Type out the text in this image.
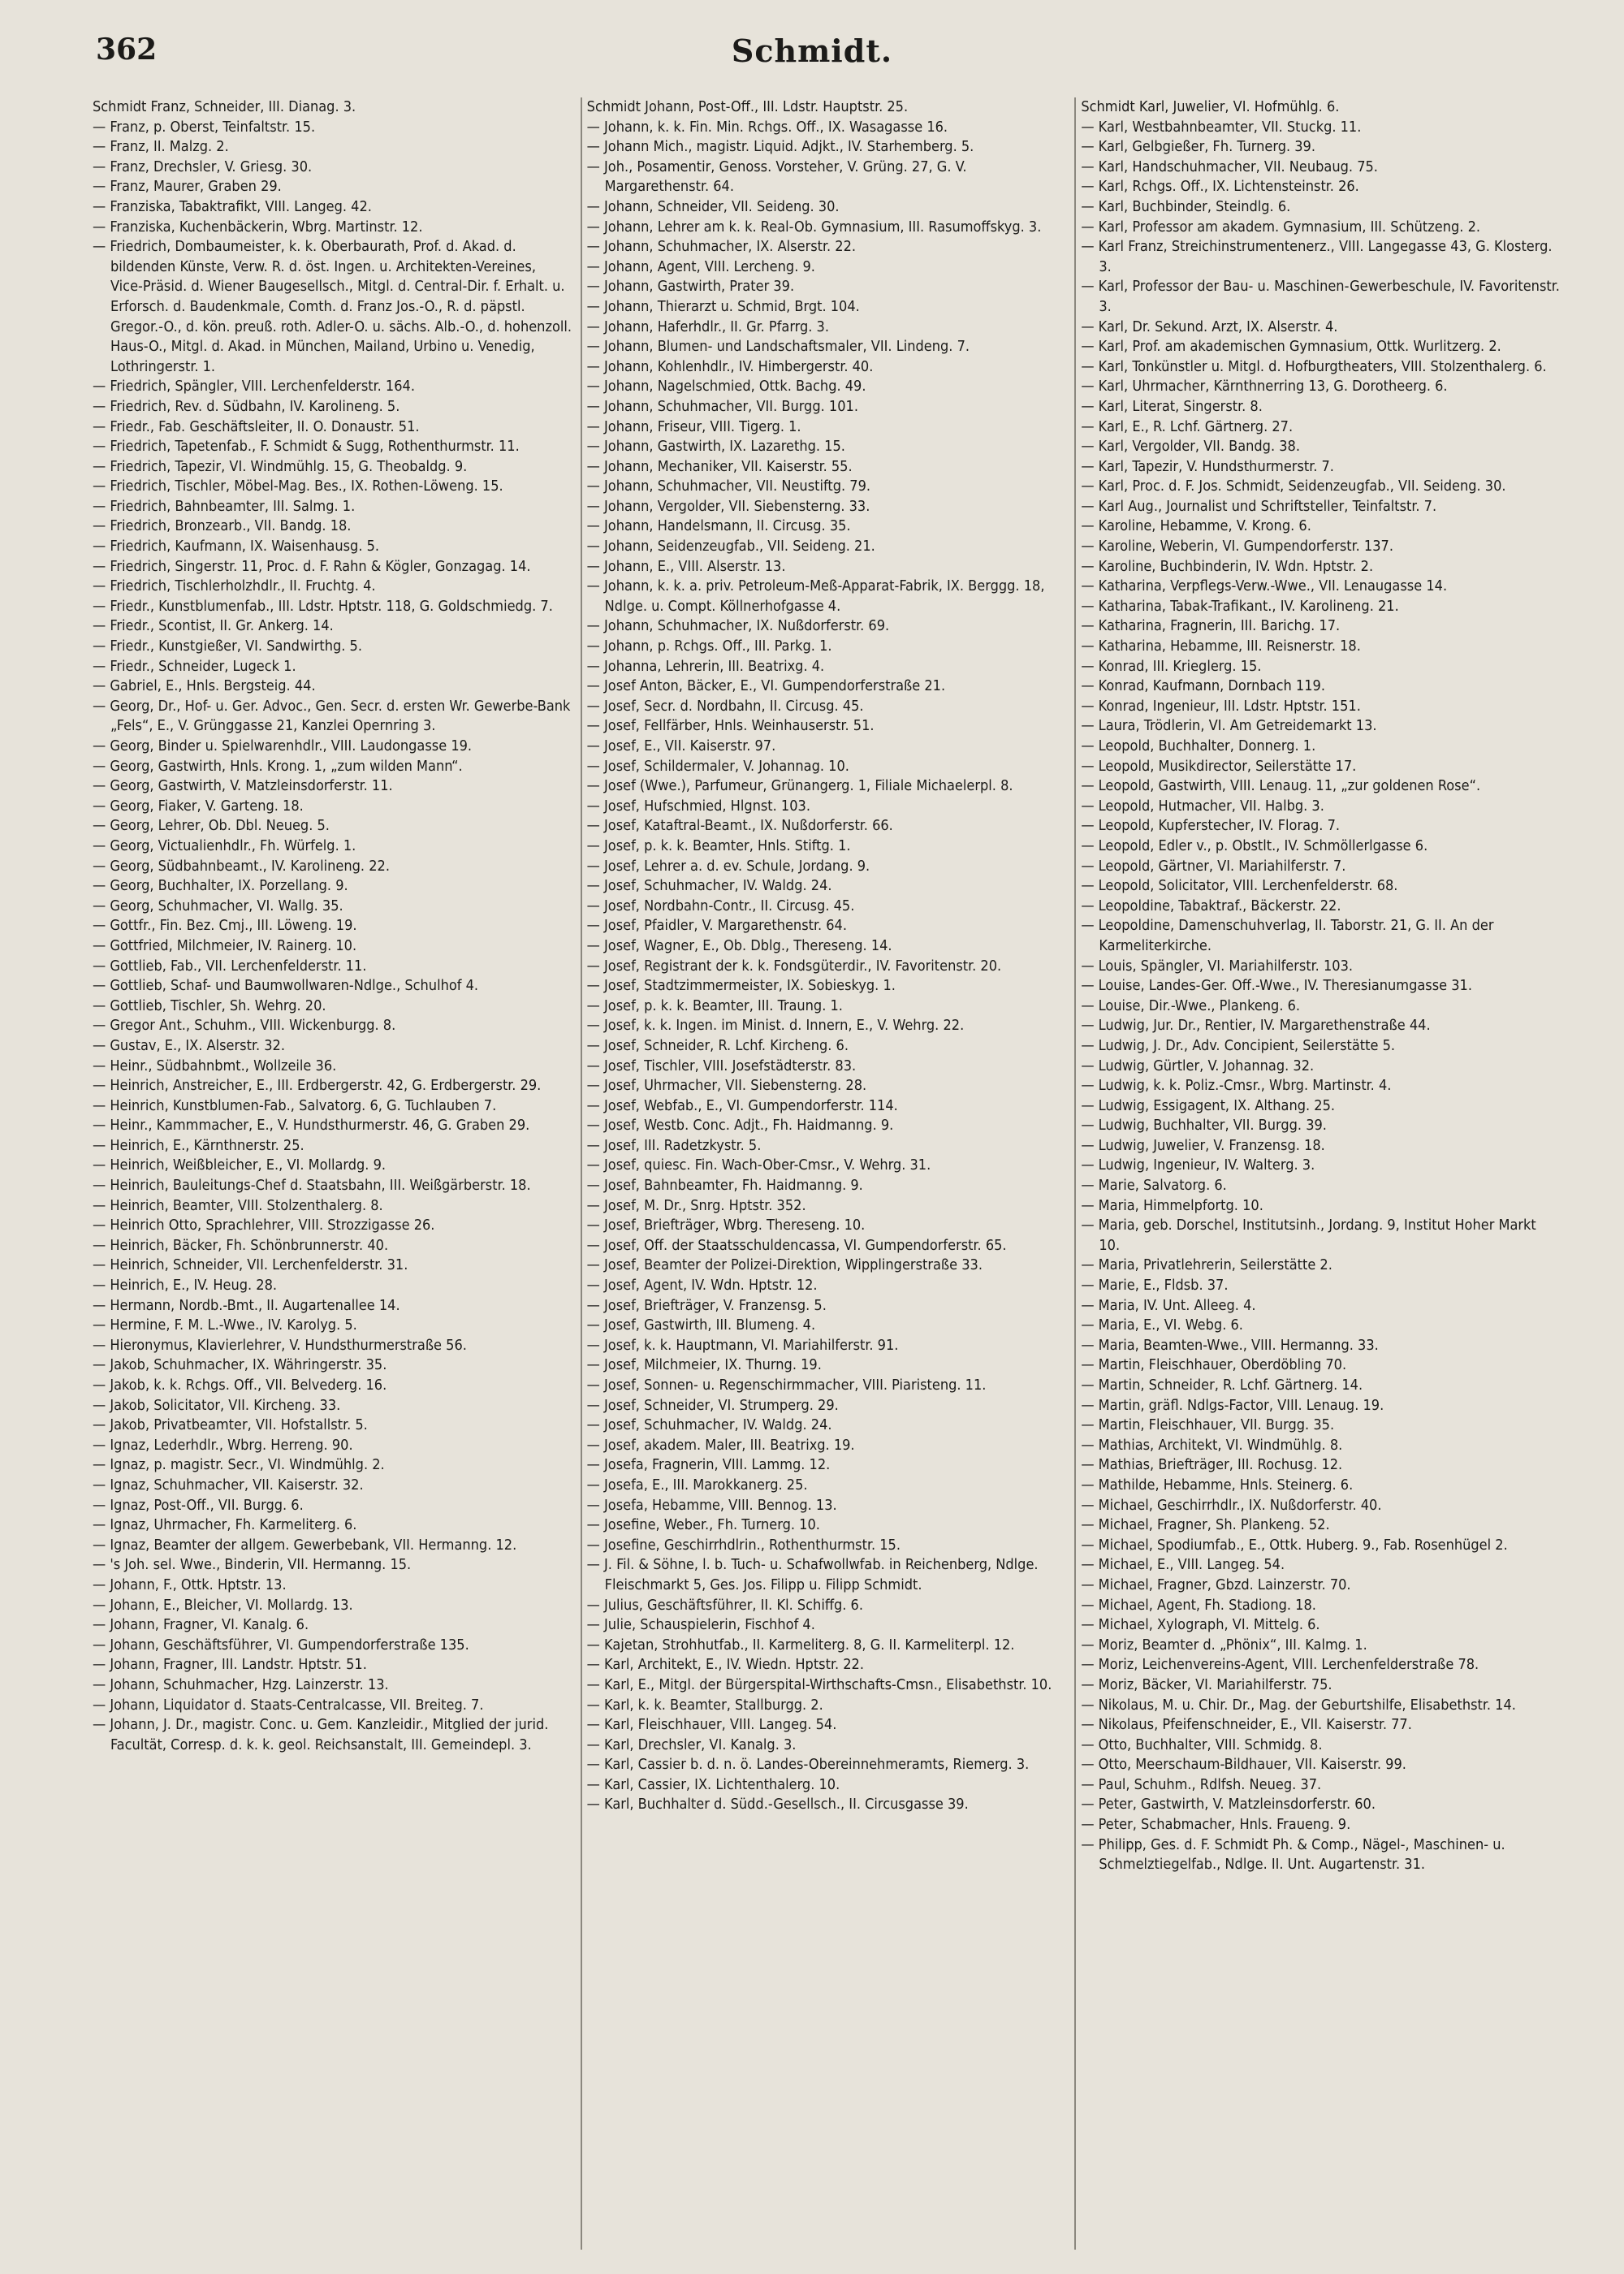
362	Schmidt.
Schmidt Franz, Schneider, III. Dianag. 3.
— Franz, p. Oberst, Teinfaltstr. 15.
— Franz, II. Malzg. 2.
— Franz, Drechsler, V. Griesg. 30.
— Franz, Maurer, Graben 29.
— Franziska, Tabaktrafikt, VIII. Langeg. 42.
— Franziska, Kuchenbäckerin, Wbrg. Martinstr. 12.
— Friedrich, Dombaumeister, k. k. Oberbaurath, Prof. d. Akad. d. bildenden Künste, Verw. R. d. öst. Ingen. u. Architekten-Vereines, Vice-Präsid. d. Wiener Baugesellsch., Mitgl. d. Central-Dir. f. Erhalt. u. Erforsch. d. Baudenkmale, Comth. d. Franz Jos.-O., R. d. päpstl. Gregor.-O., d. kön. preuß. roth. Adler-O. u. sächs. Alb.-O., d. hohenzoll. Haus-O., Mitgl. d. Akad. in München, Mailand, Urbino u. Venedig, Lothringerstr. 1.
— Friedrich, Spängler, VIII. Lerchenfelderstr. 164.
— Friedrich, Rev. d. Südbahn, IV. Karolineng. 5.
— Friedr., Fab. Geschäftsleiter, II. O. Donaustr. 51.
— Friedrich, Tapetenfab., F. Schmidt & Sugg, Rothenthurmstr. 11.
— Friedrich, Tapezir, VI. Windmühlg. 15, G. Theobaldg. 9.
— Friedrich, Tischler, Möbel-Mag. Bes., IX. Rothen-Löweng. 15.
— Friedrich, Bahnbeamter, III. Salmg. 1.
— Friedrich, Bronzearb., VII. Bandg. 18.
— Friedrich, Kaufmann, IX. Waisenhausg. 5.
— Friedrich, Singerstr. 11, Proc. d. F. Rahn & Kögler, Gonzagag. 14.
— Friedrich, Tischlerholzhdlr., II. Fruchtg. 4.
— Friedr., Kunstblumenfab., III. Ldstr. Hptstr. 118, G. Goldschmiedg. 7.
— Friedr., Scontist, II. Gr. Ankerg. 14.
— Friedr., Kunstgießer, VI. Sandwirthg. 5.
— Friedr., Schneider, Lugeck 1.
— Gabriel, E., Hnls. Bergsteig. 44.
— Georg, Dr., Hof- u. Ger. Advoc., Gen. Secr. d. ersten Wr. Gewerbe-Bank „Fels“, E., V. Grünggasse 21, Kanzlei Opernring 3.
— Georg, Binder u. Spielwarenhdlr., VIII. Laudongasse 19.
— Georg, Gastwirth, Hnls. Krong. 1, „zum wilden Mann“.
— Georg, Gastwirth, V. Matzleinsdorferstr. 11.
— Georg, Fiaker, V. Garteng. 18.
— Georg, Lehrer, Ob. Dbl. Neueg. 5.
— Georg, Victualienhdlr., Fh. Würfelg. 1.
— Georg, Südbahnbeamt., IV. Karolineng. 22.
— Georg, Buchhalter, IX. Porzellang. 9.
— Georg, Schuhmacher, VI. Wallg. 35.
— Gottfr., Fin. Bez. Cmj., III. Löweng. 19.
— Gottfried, Milchmeier, IV. Rainerg. 10.
— Gottlieb, Fab., VII. Lerchenfelderstr. 11.
— Gottlieb, Schaf- und Baumwollwaren-Ndlge., Schulhof 4.
— Gottlieb, Tischler, Sh. Wehrg. 20.
— Gregor Ant., Schuhm., VIII. Wickenburgg. 8.
— Gustav, E., IX. Alserstr. 32.
— Heinr., Südbahnbmt., Wollzeile 36.
— Heinrich, Anstreicher, E., III. Erdbergerstr. 42, G. Erdbergerstr. 29.
— Heinrich, Kunstblumen-Fab., Salvatorg. 6, G. Tuchlauben 7.
— Heinr., Kammmacher, E., V. Hundsthurmerstr. 46, G. Graben 29.
— Heinrich, E., Kärnthnerstr. 25.
— Heinrich, Weißbleicher, E., VI. Mollardg. 9.
— Heinrich, Bauleitungs-Chef d. Staatsbahn, III. Weißgärberstr. 18.
— Heinrich, Beamter, VIII. Stolzenthalerg. 8.
— Heinrich Otto, Sprachlehrer, VIII. Strozzigasse 26.
— Heinrich, Bäcker, Fh. Schönbrunnerstr. 40.
— Heinrich, Schneider, VII. Lerchenfelderstr. 31.
— Heinrich, E., IV. Heug. 28.
— Hermann, Nordb.-Bmt., II. Augartenallee 14.
— Hermine, F. M. L.-Wwe., IV. Karolyg. 5.
— Hieronymus, Klavierlehrer, V. Hundsthurmerstraße 56.
— Jakob, Schuhmacher, IX. Währingerstr. 35.
— Jakob, k. k. Rchgs. Off., VII. Belvederg. 16.
— Jakob, Solicitator, VII. Kircheng. 33.
— Jakob, Privatbeamter, VII. Hofstallstr. 5.
— Ignaz, Lederhdlr., Wbrg. Herreng. 90.
— Ignaz, p. magistr. Secr., VI. Windmühlg. 2.
— Ignaz, Schuhmacher, VII. Kaiserstr. 32.
— Ignaz, Post-Off., VII. Burgg. 6.
— Ignaz, Uhrmacher, Fh. Karmeliterg. 6.
— Ignaz, Beamter der allgem. Gewerbebank, VII. Hermanng. 12.
— 's Joh. sel. Wwe., Binderin, VII. Hermanng. 15.
— Johann, F., Ottk. Hptstr. 13.
— Johann, E., Bleicher, VI. Mollardg. 13.
— Johann, Fragner, VI. Kanalg. 6.
— Johann, Geschäftsführer, VI. Gumpendorferstraße 135.
— Johann, Fragner, III. Landstr. Hptstr. 51.
— Johann, Schuhmacher, Hzg. Lainzerstr. 13.
— Johann, Liquidator d. Staats-Centralcasse, VII. Breiteg. 7.
— Johann, J. Dr., magistr. Conc. u. Gem. Kanzleidir., Mitglied der jurid. Facultät, Corresp. d. k. k. geol. Reichsanstalt, III. Gemeindepl. 3.
Schmidt Johann, Post-Off., III. Ldstr. Hauptstr. 25.
— Johann, k. k. Fin. Min. Rchgs. Off., IX. Wasagasse 16.
— Johann Mich., magistr. Liquid. Adjkt., IV. Starhemberg. 5.
— Joh., Posamentir, Genoss. Vorsteher, V. Grüng. 27, G. V. Margarethenstr. 64.
— Johann, Schneider, VII. Seideng. 30.
— Johann, Lehrer am k. k. Real-Ob. Gymnasium, III. Rasumoffskyg. 3.
— Johann, Schuhmacher, IX. Alserstr. 22.
— Johann, Agent, VIII. Lercheng. 9.
— Johann, Gastwirth, Prater 39.
— Johann, Thierarzt u. Schmid, Brgt. 104.
— Johann, Haferhdlr., II. Gr. Pfarrg. 3.
— Johann, Blumen- und Landschaftsmaler, VII. Lindeng. 7.
— Johann, Kohlenhdlr., IV. Himbergerstr. 40.
— Johann, Nagelschmied, Ottk. Bachg. 49.
— Johann, Schuhmacher, VII. Burgg. 101.
— Johann, Friseur, VIII. Tigerg. 1.
— Johann, Gastwirth, IX. Lazarethg. 15.
— Johann, Mechaniker, VII. Kaiserstr. 55.
— Johann, Schuhmacher, VII. Neustiftg. 79.
— Johann, Vergolder, VII. Siebensterng. 33.
— Johann, Handelsmann, II. Circusg. 35.
— Johann, Seidenzeugfab., VII. Seideng. 21.
— Johann, E., VIII. Alserstr. 13.
— Johann, k. k. a. priv. Petroleum-Meß-Apparat-Fabrik, IX. Berggg. 18, Ndlge. u. Compt. Köllnerhofgasse 4.
— Johann, Schuhmacher, IX. Nußdorferstr. 69.
— Johann, p. Rchgs. Off., III. Parkg. 1.
— Johanna, Lehrerin, III. Beatrixg. 4.
— Josef Anton, Bäcker, E., VI. Gumpendorferstraße 21.
— Josef, Secr. d. Nordbahn, II. Circusg. 45.
— Josef, Fellfärber, Hnls. Weinhauserstr. 51.
— Josef, E., VII. Kaiserstr. 97.
— Josef, Schildermaler, V. Johannag. 10.
— Josef (Wwe.), Parfumeur, Grünangerg. 1, Filiale Michaelerpl. 8.
— Josef, Hufschmied, Hlgnst. 103.
— Josef, Kataftral-Beamt., IX. Nußdorferstr. 66.
— Josef, p. k. k. Beamter, Hnls. Stiftg. 1.
— Josef, Lehrer a. d. ev. Schule, Jordang. 9.
— Josef, Schuhmacher, IV. Waldg. 24.
— Josef, Nordbahn-Contr., II. Circusg. 45.
— Josef, Pfaidler, V. Margarethenstr. 64.
— Josef, Wagner, E., Ob. Dblg., Thereseng. 14.
— Josef, Registrant der k. k. Fondsgüterdir., IV. Favoritenstr. 20.
— Josef, Stadtzimmermeister, IX. Sobieskyg. 1.
— Josef, p. k. k. Beamter, III. Traung. 1.
— Josef, k. k. Ingen. im Minist. d. Innern, E., V. Wehrg. 22.
— Josef, Schneider, R. Lchf. Kircheng. 6.
— Josef, Tischler, VIII. Josefstädterstr. 83.
— Josef, Uhrmacher, VII. Siebensterng. 28.
— Josef, Webfab., E., VI. Gumpendorferstr. 114.
— Josef, Westb. Conc. Adjt., Fh. Haidmanng. 9.
— Josef, III. Radetzkystr. 5.
— Josef, quiesc. Fin. Wach-Ober-Cmsr., V. Wehrg. 31.
— Josef, Bahnbeamter, Fh. Haidmanng. 9.
— Josef, M. Dr., Snrg. Hptstr. 352.
— Josef, Briefträger, Wbrg. Thereseng. 10.
— Josef, Off. der Staatsschuldencassa, VI. Gumpendorferstr. 65.
— Josef, Beamter der Polizei-Direktion, Wipplingerstraße 33.
— Josef, Agent, IV. Wdn. Hptstr. 12.
— Josef, Briefträger, V. Franzensg. 5.
— Josef, Gastwirth, III. Blumeng. 4.
— Josef, k. k. Hauptmann, VI. Mariahilferstr. 91.
— Josef, Milchmeier, IX. Thurng. 19.
— Josef, Sonnen- u. Regenschirmmacher, VIII. Piaristeng. 11.
— Josef, Schneider, VI. Strumperg. 29.
— Josef, Schuhmacher, IV. Waldg. 24.
— Josef, akadem. Maler, III. Beatrixg. 19.
— Josefa, Fragnerin, VIII. Lammg. 12.
— Josefa, E., III. Marokkanerg. 25.
— Josefa, Hebamme, VIII. Bennog. 13.
— Josefine, Weber., Fh. Turnerg. 10.
— Josefine, Geschirrhdlrin., Rothenthurmstr. 15.
— J. Fil. & Söhne, l. b. Tuch- u. Schafwollwfab. in Reichenberg, Ndlge. Fleischmarkt 5, Ges. Jos. Filipp u. Filipp Schmidt.
— Julius, Geschäftsführer, II. Kl. Schiffg. 6.
— Julie, Schauspielerin, Fischhof 4.
— Kajetan, Strohhutfab., II. Karmeliterg. 8, G. II. Karmeliterpl. 12.
— Karl, Architekt, E., IV. Wiedn. Hptstr. 22.
— Karl, E., Mitgl. der Bürgerspital-Wirthschafts-Cmsn., Elisabethstr. 10.
— Karl, k. k. Beamter, Stallburgg. 2.
— Karl, Fleischhauer, VIII. Langeg. 54.
— Karl, Drechsler, VI. Kanalg. 3.
— Karl, Cassier b. d. n. ö. Landes-Obereinnehmeramts, Riemerg. 3.
— Karl, Cassier, IX. Lichtenthalerg. 10.
— Karl, Buchhalter d. Südd.-Gesellsch., II. Circusgasse 39.
Schmidt Karl, Juwelier, VI. Hofmühlg. 6.
— Karl, Westbahnbeamter, VII. Stuckg. 11.
— Karl, Gelbgießer, Fh. Turnerg. 39.
— Karl, Handschuhmacher, VII. Neubaug. 75.
— Karl, Rchgs. Off., IX. Lichtensteinstr. 26.
— Karl, Buchbinder, Steindlg. 6.
— Karl, Professor am akadem. Gymnasium, III. Schützeng. 2.
— Karl Franz, Streichinstrumentenerz., VIII. Langegasse 43, G. Klosterg. 3.
— Karl, Professor der Bau- u. Maschinen-Gewerbeschule, IV. Favoritenstr. 3.
— Karl, Dr. Sekund. Arzt, IX. Alserstr. 4.
— Karl, Prof. am akademischen Gymnasium, Ottk. Wurlitzerg. 2.
— Karl, Tonkünstler u. Mitgl. d. Hofburgtheaters, VIII. Stolzenthalerg. 6.
— Karl, Uhrmacher, Kärnthnerring 13, G. Dorotheerg. 6.
— Karl, Literat, Singerstr. 8.
— Karl, E., R. Lchf. Gärtnerg. 27.
— Karl, Vergolder, VII. Bandg. 38.
— Karl, Tapezir, V. Hundsthurmerstr. 7.
— Karl, Proc. d. F. Jos. Schmidt, Seidenzeugfab., VII. Seideng. 30.
— Karl Aug., Journalist und Schriftsteller, Teinfaltstr. 7.
— Karoline, Hebamme, V. Krong. 6.
— Karoline, Weberin, VI. Gumpendorferstr. 137.
— Karoline, Buchbinderin, IV. Wdn. Hptstr. 2.
— Katharina, Verpflegs-Verw.-Wwe., VII. Lenaugasse 14.
— Katharina, Tabak-Trafikant., IV. Karolineng. 21.
— Katharina, Fragnerin, III. Barichg. 17.
— Katharina, Hebamme, III. Reisnerstr. 18.
— Konrad, III. Krieglerg. 15.
— Konrad, Kaufmann, Dornbach 119.
— Konrad, Ingenieur, III. Ldstr. Hptstr. 151.
— Laura, Trödlerin, VI. Am Getreidemarkt 13.
— Leopold, Buchhalter, Donnerg. 1.
— Leopold, Musikdirector, Seilerstätte 17.
— Leopold, Gastwirth, VIII. Lenaug. 11, „zur goldenen Rose“.
— Leopold, Hutmacher, VII. Halbg. 3.
— Leopold, Kupferstecher, IV. Florag. 7.
— Leopold, Edler v., p. Obstlt., IV. Schmöllerlgasse 6.
— Leopold, Gärtner, VI. Mariahilferstr. 7.
— Leopold, Solicitator, VIII. Lerchenfelderstr. 68.
— Leopoldine, Tabaktraf., Bäckerstr. 22.
— Leopoldine, Damenschuhverlag, II. Taborstr. 21, G. II. An der Karmeliterkirche.
— Louis, Spängler, VI. Mariahilferstr. 103.
— Louise, Landes-Ger. Off.-Wwe., IV. Theresianumgasse 31.
— Louise, Dir.-Wwe., Plankeng. 6.
— Ludwig, Jur. Dr., Rentier, IV. Margarethenstraße 44.
— Ludwig, J. Dr., Adv. Concipient, Seilerstätte 5.
— Ludwig, Gürtler, V. Johannag. 32.
— Ludwig, k. k. Poliz.-Cmsr., Wbrg. Martinstr. 4.
— Ludwig, Essigagent, IX. Althang. 25.
— Ludwig, Buchhalter, VII. Burgg. 39.
— Ludwig, Juwelier, V. Franzensg. 18.
— Ludwig, Ingenieur, IV. Walterg. 3.
— Marie, Salvatorg. 6.
— Maria, Himmelpfortg. 10.
— Maria, geb. Dorschel, Institutsinh., Jordang. 9, Institut Hoher Markt 10.
— Maria, Privatlehrerin, Seilerstätte 2.
— Marie, E., Fldsb. 37.
— Maria, IV. Unt. Alleeg. 4.
— Maria, E., VI. Webg. 6.
— Maria, Beamten-Wwe., VIII. Hermanng. 33.
— Martin, Fleischhauer, Oberdöbling 70.
— Martin, Schneider, R. Lchf. Gärtnerg. 14.
— Martin, gräfl. Ndlgs-Factor, VIII. Lenaug. 19.
— Martin, Fleischhauer, VII. Burgg. 35.
— Mathias, Architekt, VI. Windmühlg. 8.
— Mathias, Briefträger, III. Rochusg. 12.
— Mathilde, Hebamme, Hnls. Steinerg. 6.
— Michael, Geschirrhdlr., IX. Nußdorferstr. 40.
— Michael, Fragner, Sh. Plankeng. 52.
— Michael, Spodiumfab., E., Ottk. Huberg. 9., Fab. Rosenhügel 2.
— Michael, E., VIII. Langeg. 54.
— Michael, Fragner, Gbzd. Lainzerstr. 70.
— Michael, Agent, Fh. Stadiong. 18.
— Michael, Xylograph, VI. Mittelg. 6.
— Moriz, Beamter d. „Phönix“, III. Kalmg. 1.
— Moriz, Leichenvereins-Agent, VIII. Lerchenfelderstraße 78.
— Moriz, Bäcker, VI. Mariahilferstr. 75.
— Nikolaus, M. u. Chir. Dr., Mag. der Geburtshilfe, Elisabethstr. 14.
— Nikolaus, Pfeifenschneider, E., VII. Kaiserstr. 77.
— Otto, Buchhalter, VIII. Schmidg. 8.
— Otto, Meerschaum-Bildhauer, VII. Kaiserstr. 99.
— Paul, Schuhm., Rdlfsh. Neueg. 37.
— Peter, Gastwirth, V. Matzleinsdorferstr. 60.
— Peter, Schabmacher, Hnls. Fraueng. 9.
— Philipp, Ges. d. F. Schmidt Ph. & Comp., Nägel-, Maschinen- u. Schmelztiegelfab., Ndlge. II. Unt. Augartenstr. 31.
